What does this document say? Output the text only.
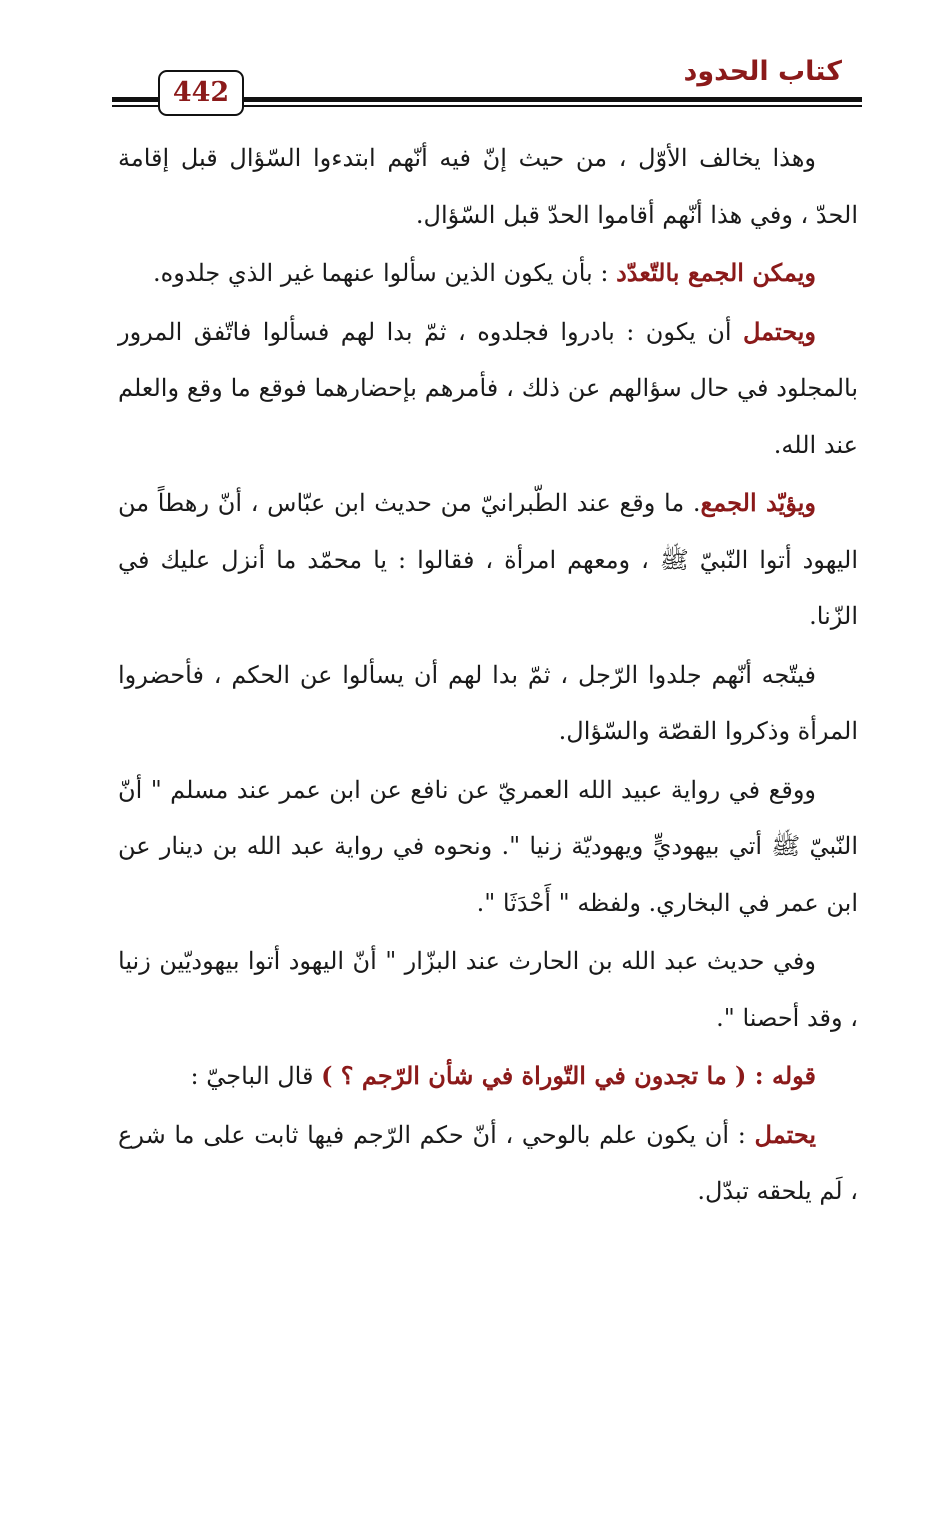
كتاب الحدود
442

وهذا يخالف الأوّل ، من حيث إنّ فيه أنّهم ابتدءوا السّؤال قبل إقامة الحدّ ، وفي هذا أنّهم أقاموا الحدّ قبل السّؤال.

ويمكن الجمع بالتّعدّد : بأن يكون الذين سألوا عنهما غير الذي جلدوه.

ويحتمل أن يكون : بادروا فجلدوه ، ثمّ بدا لهم فسألوا فاتّفق المرور بالمجلود في حال سؤالهم عن ذلك ، فأمرهم بإحضارهما فوقع ما وقع والعلم عند الله.

ويؤيّد الجمع. ما وقع عند الطّبرانيّ من حديث ابن عبّاس ، أنّ رهطاً من اليهود أتوا النّبيّ ﷺ ، ومعهم امرأة ، فقالوا : يا محمّد ما أنزل عليك في الزّنا.

فيتّجه أنّهم جلدوا الرّجل ، ثمّ بدا لهم أن يسألوا عن الحكم ، فأحضروا المرأة وذكروا القصّة والسّؤال.

ووقع في رواية عبيد الله العمريّ عن نافع عن ابن عمر عند مسلم " أنّ النّبيّ ﷺ أتي بيهوديٍّ ويهوديّة زنيا ". ونحوه في رواية عبد الله بن دينار عن ابن عمر في البخاري. ولفظه " أَحْدَثَا ".

وفي حديث عبد الله بن الحارث عند البزّار " أنّ اليهود أتوا بيهوديّين زنيا ، وقد أحصنا ".

قوله : ( ما تجدون في التّوراة في شأن الرّجم ؟ ) قال الباجيّ :

يحتمل : أن يكون علم بالوحي ، أنّ حكم الرّجم فيها ثابت على ما شرع ، لَم يلحقه تبدّل.
